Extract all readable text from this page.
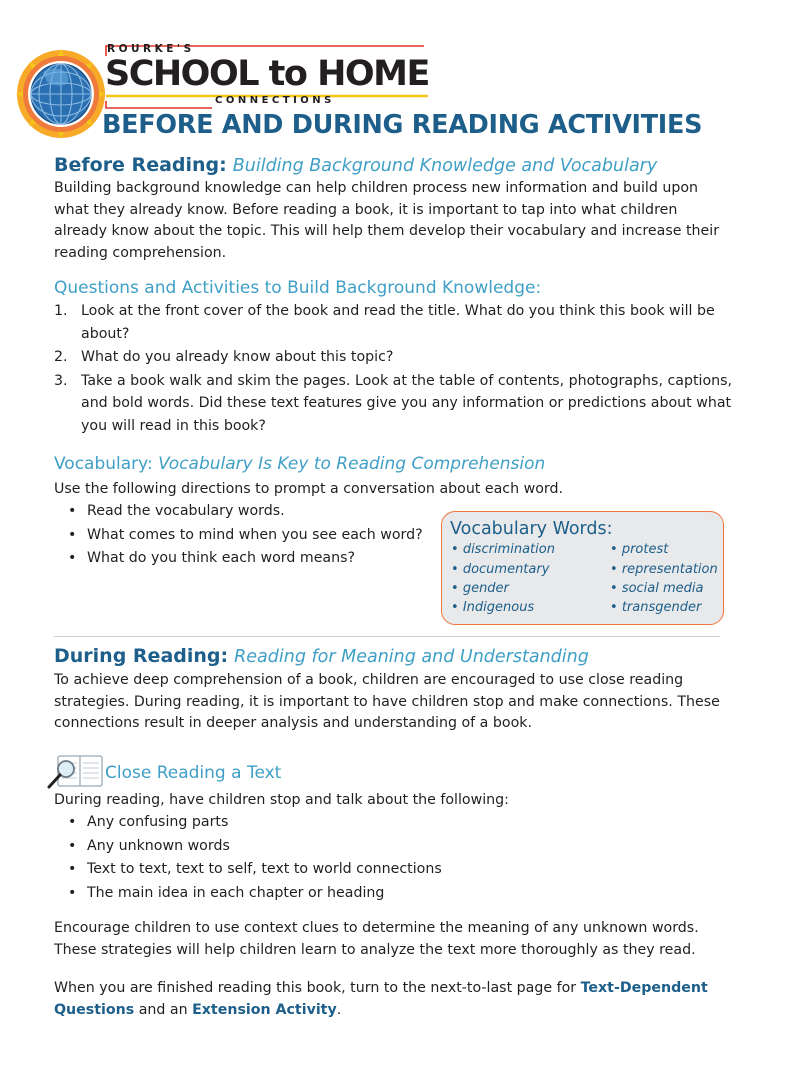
ROURKE'S
SCHOOL to HOME
CONNECTIONS
BEFORE AND DURING READING ACTIVITIES
Before Reading: Building Background Knowledge and Vocabulary
Building background knowledge can help children process new information and build upon what they already know. Before reading a book, it is important to tap into what children already know about the topic. This will help them develop their vocabulary and increase their reading comprehension.
Questions and Activities to Build Background Knowledge:
1. Look at the front cover of the book and read the title. What do you think this book will be about?
2. What do you already know about this topic?
3. Take a book walk and skim the pages. Look at the table of contents, photographs, captions, and bold words. Did these text features give you any information or predictions about what you will read in this book?
Vocabulary: Vocabulary Is Key to Reading Comprehension
Use the following directions to prompt a conversation about each word.
• Read the vocabulary words.
• What comes to mind when you see each word?
• What do you think each word means?
Vocabulary Words:
• discrimination
• documentary
• gender
• Indigenous
• protest
• representation
• social media
• transgender
During Reading: Reading for Meaning and Understanding
To achieve deep comprehension of a book, children are encouraged to use close reading strategies. During reading, it is important to have children stop and make connections. These connections result in deeper analysis and understanding of a book.
Close Reading a Text
During reading, have children stop and talk about the following:
• Any confusing parts
• Any unknown words
• Text to text, text to self, text to world connections
• The main idea in each chapter or heading
Encourage children to use context clues to determine the meaning of any unknown words. These strategies will help children learn to analyze the text more thoroughly as they read.
When you are finished reading this book, turn to the next-to-last page for Text-Dependent Questions and an Extension Activity.
